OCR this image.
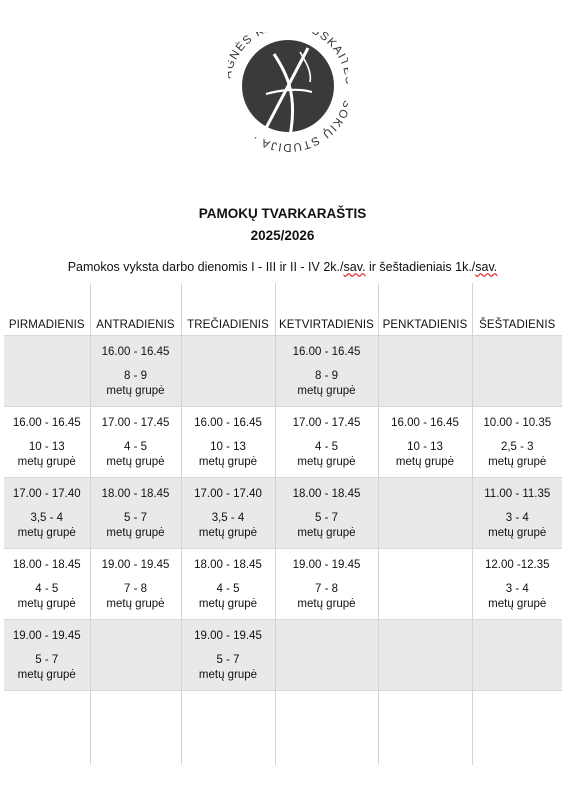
NĖS SKAI KIŲ STUDIJA ·
PAMOKŲ TVARKARAŠTIS
2025/2026
Pamokos vyksta darbo dienomis I - III ir II - IV 2k./sav. ir šeštadieniais 1k./sav.
PIRMADIENIS	ANTRADIENIS	TREČIADIENIS	KETVIRTADIENIS	PENKTADIENIS	ŠEŠTADIENIS

	16.00 - 16.45
8 - 9
metų grupė		16.00 - 16.45
8 - 9
metų grupė		

16.00 - 16.45
10 - 13
metų grupė	17.00 - 17.45
4 - 5
metų grupė	16.00 - 16.45
10 - 13
metų grupė	17.00 - 17.45
4 - 5
metų grupė	16.00 - 16.45
10 - 13
metų grupė	10.00 - 10.35
2,5 - 3
metų grupė

17.00 - 17.40
3,5 - 4
metų grupė	18.00 - 18.45
5 - 7
metų grupė	17.00 - 17.40
3,5 - 4
metų grupė	18.00 - 18.45
5 - 7
metų grupė		11.00 - 11.35
3 - 4
metų grupė

18.00 - 18.45
4 - 5
metų grupė	19.00 - 19.45
7 - 8
metų grupė	18.00 - 18.45
4 - 5
metų grupė	19.00 - 19.45
7 - 8
metų grupė		12.00 -12.35
3 - 4
metų grupė

19.00 - 19.45
5 - 7
metų grupė		19.00 - 19.45
5 - 7
metų grupė			
